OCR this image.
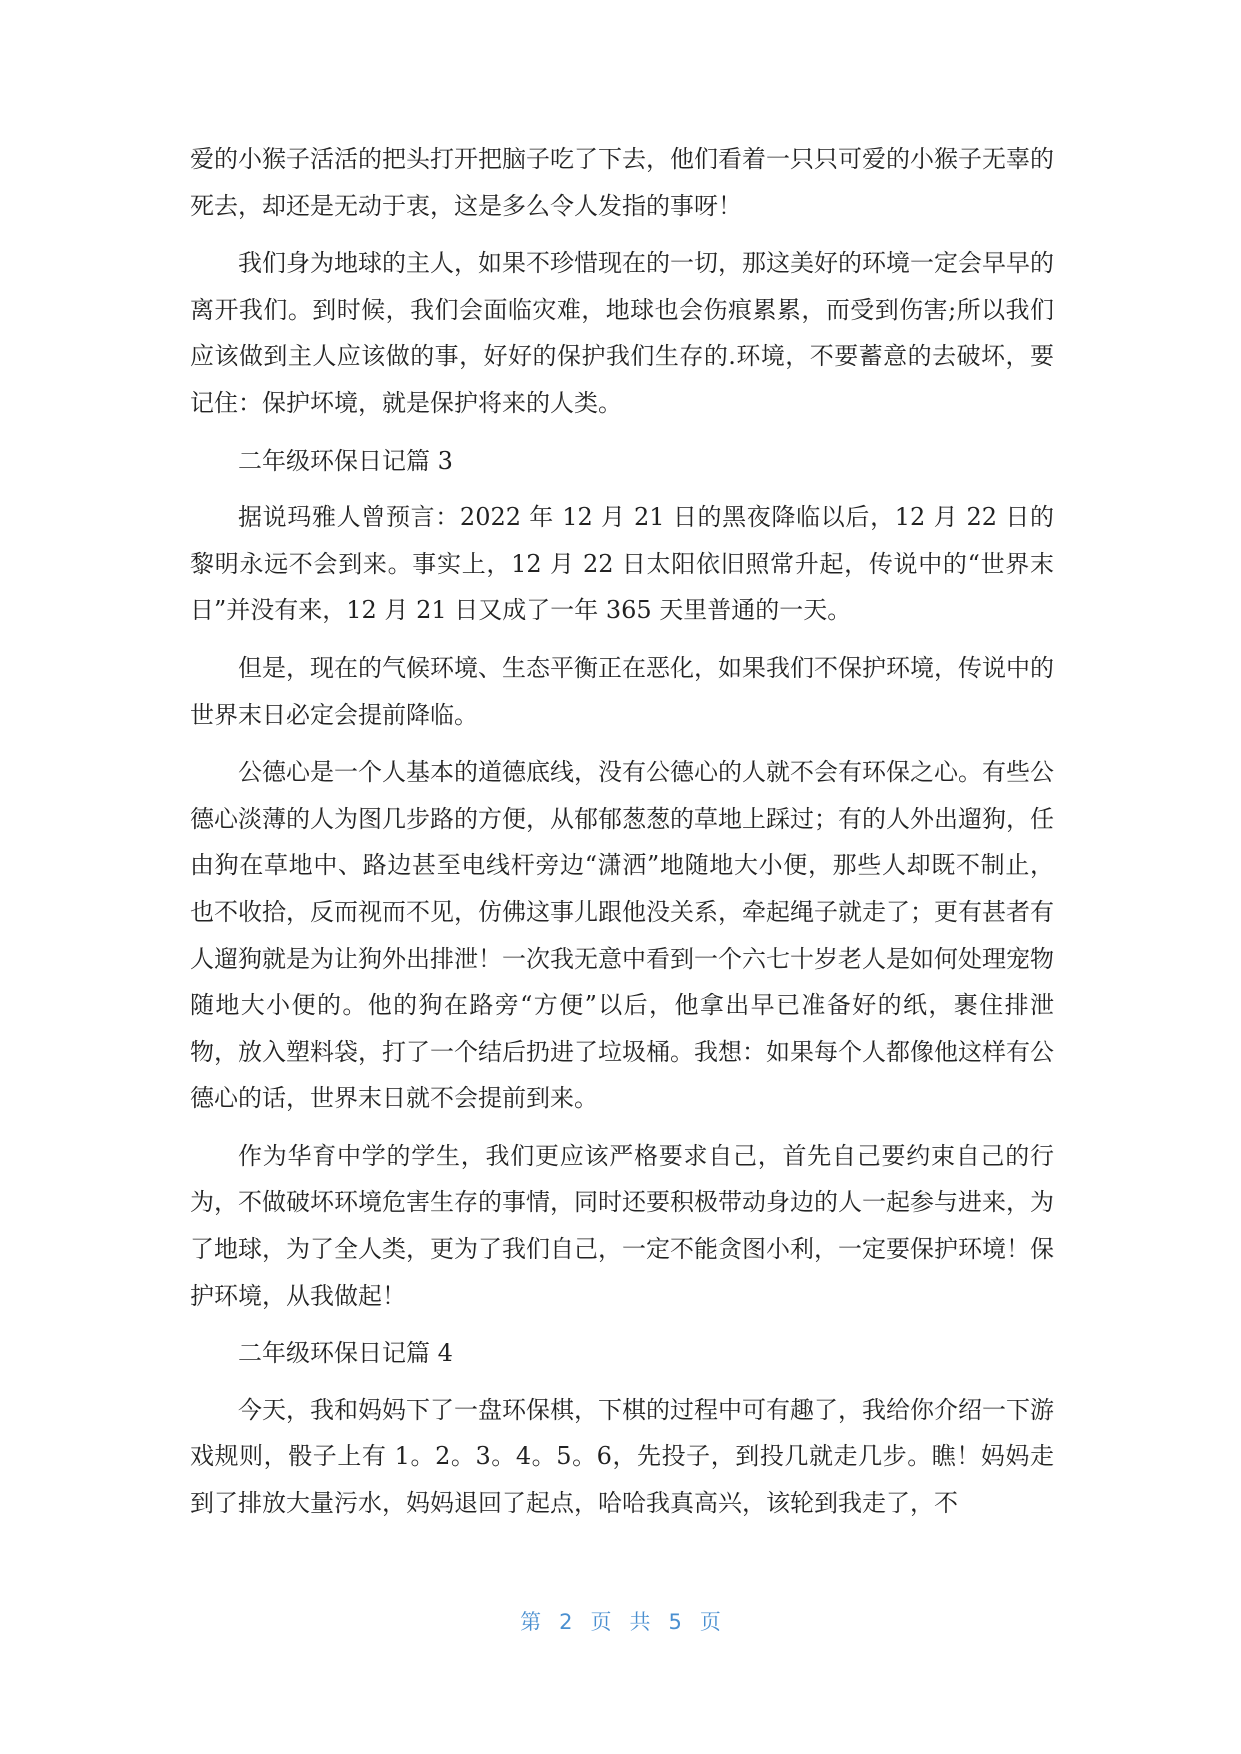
爱的小猴子活活的把头打开把脑子吃了下去，他们看着一只只可爱的小猴子无辜的死去，却还是无动于衷，这是多么令人发指的事呀！

我们身为地球的主人，如果不珍惜现在的一切，那这美好的环境一定会早早的离开我们。到时候，我们会面临灾难，地球也会伤痕累累，而受到伤害;所以我们应该做到主人应该做的事，好好的保护我们生存的.环境，不要蓄意的去破坏，要记住：保护坏境，就是保护将来的人类。

二年级环保日记篇 3

据说玛雅人曾预言：2022 年 12 月 21 日的黑夜降临以后，12 月 22 日的黎明永远不会到来。事实上，12 月 22 日太阳依旧照常升起，传说中的“世界末日”并没有来，12 月 21 日又成了一年 365 天里普通的一天。

但是，现在的气候环境、生态平衡正在恶化，如果我们不保护环境，传说中的世界末日必定会提前降临。

公德心是一个人基本的道德底线，没有公德心的人就不会有环保之心。有些公德心淡薄的人为图几步路的方便，从郁郁葱葱的草地上踩过；有的人外出遛狗，任由狗在草地中、路边甚至电线杆旁边“潇洒”地随地大小便，那些人却既不制止，也不收拾，反而视而不见，仿佛这事儿跟他没关系，牵起绳子就走了；更有甚者有人遛狗就是为让狗外出排泄！一次我无意中看到一个六七十岁老人是如何处理宠物随地大小便的。他的狗在路旁“方便”以后，他拿出早已准备好的纸，裹住排泄物，放入塑料袋，打了一个结后扔进了垃圾桶。我想：如果每个人都像他这样有公德心的话，世界末日就不会提前到来。

作为华育中学的学生，我们更应该严格要求自己，首先自己要约束自己的行为，不做破坏环境危害生存的事情，同时还要积极带动身边的人一起参与进来，为了地球，为了全人类，更为了我们自己，一定不能贪图小利，一定要保护环境！保护环境，从我做起！

二年级环保日记篇 4

今天，我和妈妈下了一盘环保棋，下棋的过程中可有趣了，我给你介绍一下游戏规则，骰子上有 1。2。3。4。5。6，先投子，到投几就走几步。瞧！妈妈走到了排放大量污水，妈妈退回了起点，哈哈我真高兴，该轮到我走了，不

第 2 页 共 5 页
